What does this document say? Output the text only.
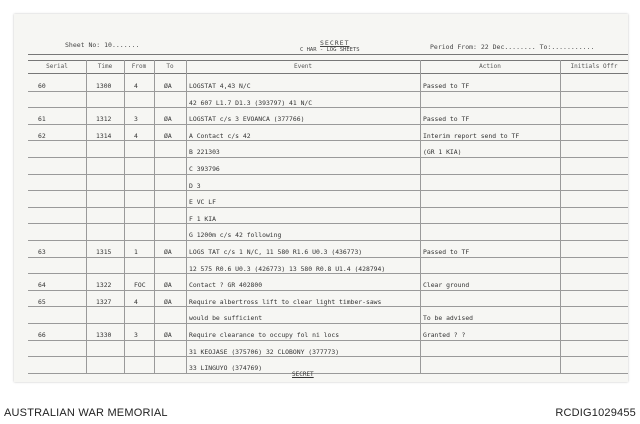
Sheet No: 10.......	SECRET
C HAR - LOG SHEETS	Period From: 22 Dec........ To:...........
Serial	Time	From	To	Event	Action	Initials Offr
60	1300	4	ØA	LOGSTAT 4,43 N/C	Passed to TF
42 607 L1.7 D1.3 (393797) 41 N/C
61	1312	3	ØA	LOGSTAT c/s 3 EVOANCA (377766)	Passed to TF
62	1314	4	ØA	A Contact c/s 42	Interim report send to TF
B 221303	(GR 1 KIA)
C 393796
D 3
E VC LF
F 1 KIA
G 1200m c/s 42 following
63	1315	1	ØA	LOGS TAT c/s 1 N/C, 11 580 R1.6 U0.3 (436773)	Passed to TF
12 575 R0.6 U0.3 (426773) 13 580 R0.8 U1.4 (428794)
64	1322	FOC	ØA	Contact ? GR 402800	Clear ground
65	1327	4	ØA	Require albertross lift to clear light timber-saws
would be sufficient	To be advised
66	1330	3	ØA	Require clearance to occupy fol ni locs	Granted ? ?
31 KEOJASE (375706) 32 CLOBONY (377773)
33 LINGUYO (374769)
SECRET
AUSTRALIAN WAR MEMORIAL	RCDIG1029455
